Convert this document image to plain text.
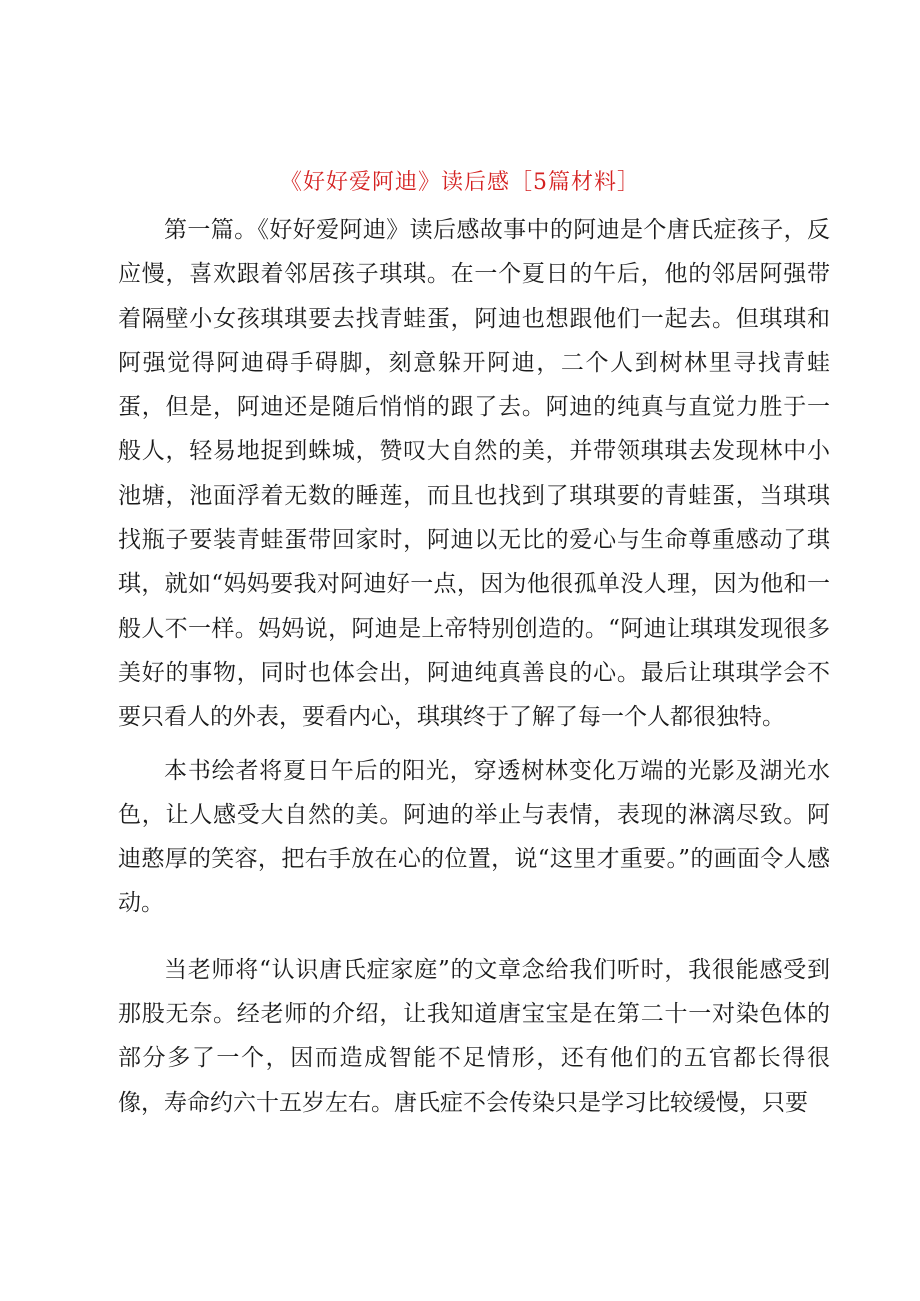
《好好爱阿迪》读后感［5篇材料］

第一篇。《好好爱阿迪》读后感故事中的阿迪是个唐氏症孩子，反应慢，喜欢跟着邻居孩子琪琪。在一个夏日的午后，他的邻居阿强带着隔壁小女孩琪琪要去找青蛙蛋，阿迪也想跟他们一起去。但琪琪和阿强觉得阿迪碍手碍脚，刻意躲开阿迪，二个人到树林里寻找青蛙蛋，但是，阿迪还是随后悄悄的跟了去。阿迪的纯真与直觉力胜于一般人，轻易地捉到蛛城，赞叹大自然的美，并带领琪琪去发现林中小池塘，池面浮着无数的睡莲，而且也找到了琪琪要的青蛙蛋，当琪琪找瓶子要装青蛙蛋带回家时，阿迪以无比的爱心与生命尊重感动了琪琪，就如“妈妈要我对阿迪好一点，因为他很孤单没人理，因为他和一般人不一样。妈妈说，阿迪是上帝特别创造的。“阿迪让琪琪发现很多美好的事物，同时也体会出，阿迪纯真善良的心。最后让琪琪学会不要只看人的外表，要看内心，琪琪终于了解了每一个人都很独特。

本书绘者将夏日午后的阳光，穿透树林变化万端的光影及湖光水色，让人感受大自然的美。阿迪的举止与表情，表现的淋漓尽致。阿迪憨厚的笑容，把右手放在心的位置，说“这里才重要。”的画面令人感动。

当老师将“认识唐氏症家庭”的文章念给我们听时，我很能感受到那股无奈。经老师的介绍，让我知道唐宝宝是在第二十一对染色体的部分多了一个，因而造成智能不足情形，还有他们的五官都长得很像，寿命约六十五岁左右。唐氏症不会传染只是学习比较缓慢，只要
